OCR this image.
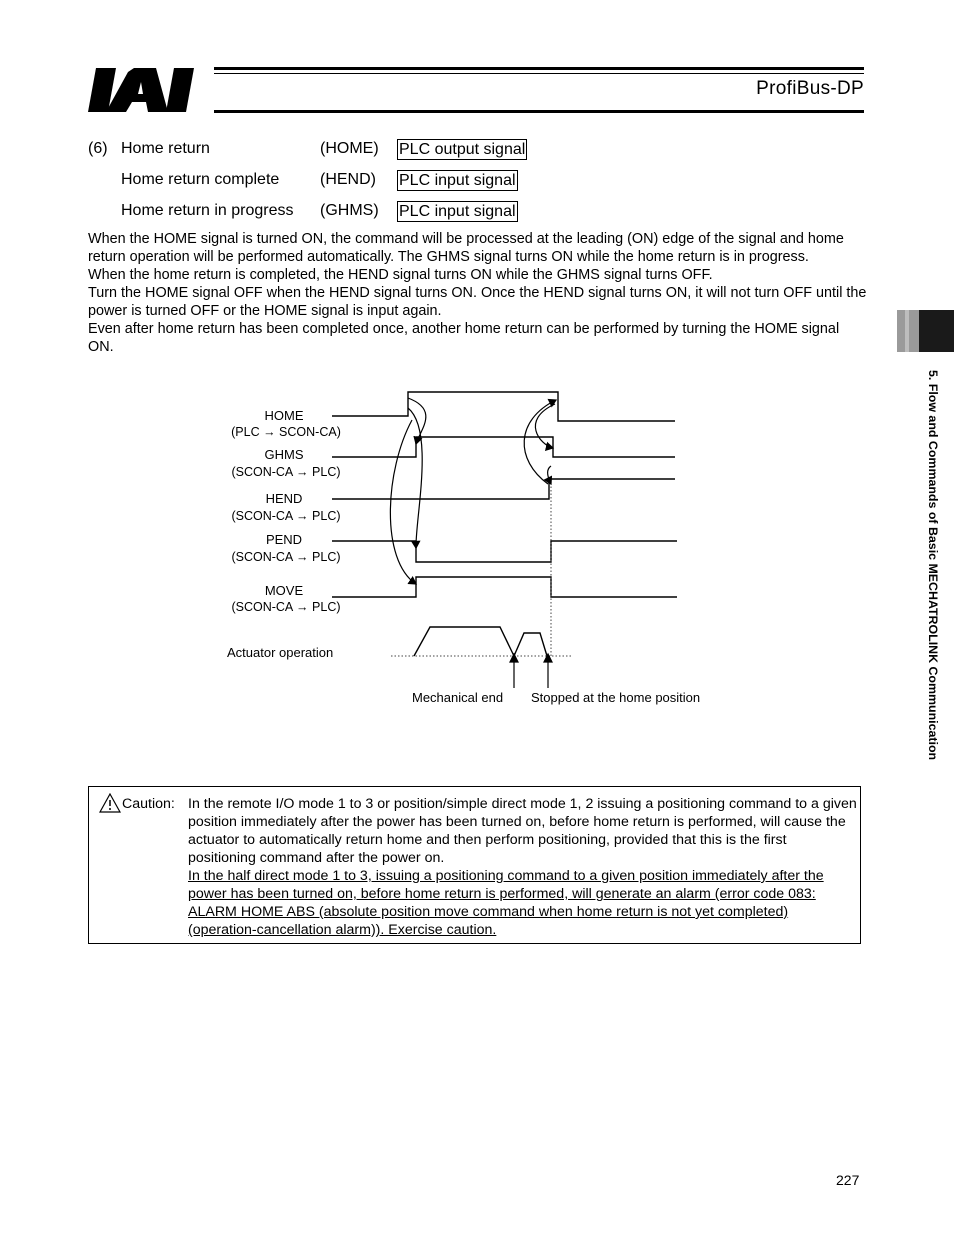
IAI
ProfiBus-DP
(6) Home return	(HOME) PLC output signal
Home return complete	(HEND) PLC input signal
Home return in progress (GHMS) PLC input signal

When the HOME signal is turned ON, the command will be processed at the leading (ON) edge of the signal and home return operation will be performed automatically. The GHMS signal turns ON while the home return is in progress.

When the home return is completed, the HEND signal turns ON while the GHMS signal turns OFF.

Turn the HOME signal OFF when the HEND signal turns ON. Once the HEND signal turns ON, it will not turn OFF until the power is turned OFF or the HOME signal is input again.

Even after home return has been completed once, another home return can be performed by turning the HOME signal ON.

HOME
(PLC → SCON-CA)
GHMS
(SCON-CA → PLC)
HEND
(SCON-CA → PLC)
PEND
(SCON-CA → PLC)
MOVE
(SCON-CA → PLC)
Actuator operation
Mechanical end Stopped at the home position
Caution: In the remote I/O mode 1 to 3 or position/simple direct mode 1, 2 issuing a positioning command to a given position immediately after the power has been turned on, before home return is performed, will cause the actuator to automatically return home and then perform positioning, provided that this is the first positioning command after the power on.

In the half direct mode 1 to 3, issuing a positioning command to a given position immediately after the power has been turned on, before home return is performed, will generate an alarm (error code 083: ALARM HOME ABS (absolute position move command when home return is not yet completed) (operation-cancellation alarm)). Exercise caution.

5. Flow and Commands of Basic MECHATROLINK Communication
227
